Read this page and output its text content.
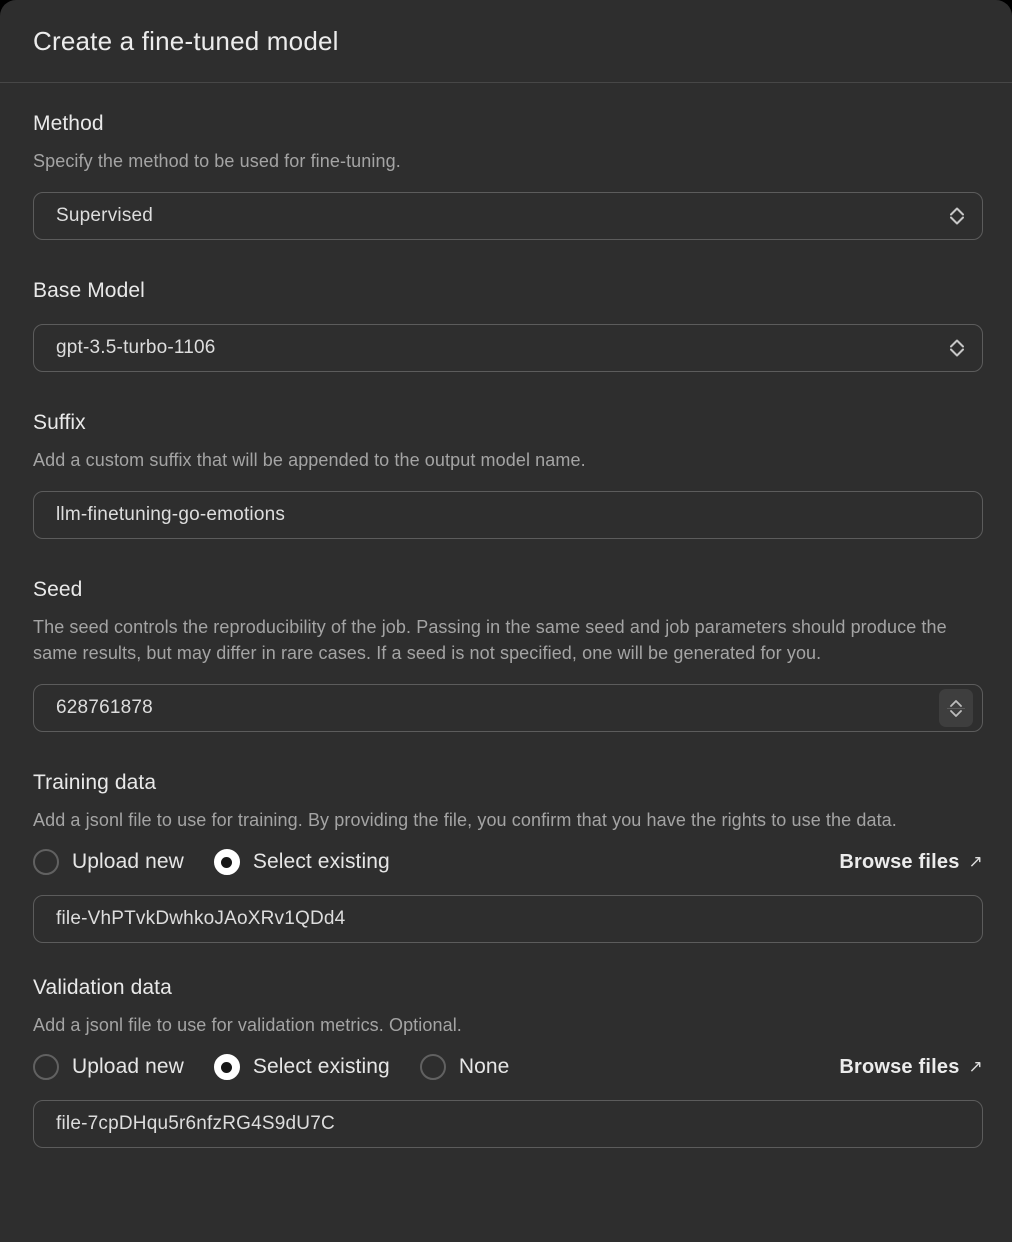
Create a fine-tuned model
Method
Specify the method to be used for fine-tuning.
Supervised
Base Model
gpt-3.5-turbo-1106
Suffix
Add a custom suffix that will be appended to the output model name.
llm-finetuning-go-emotions
Seed
The seed controls the reproducibility of the job. Passing in the same seed and job parameters should produce the same results, but may differ in rare cases. If a seed is not specified, one will be generated for you.
628761878
Training data
Add a jsonl file to use for training. By providing the file, you confirm that you have the rights to use the data.
Upload new	Select existing	Browse files ↗
file-VhPTvkDwhkoJAoXRv1QDd4
Validation data
Add a jsonl file to use for validation metrics. Optional.
Upload new	Select existing	None	Browse files ↗
file-7cpDHqu5r6nfzRG4S9dU7C
